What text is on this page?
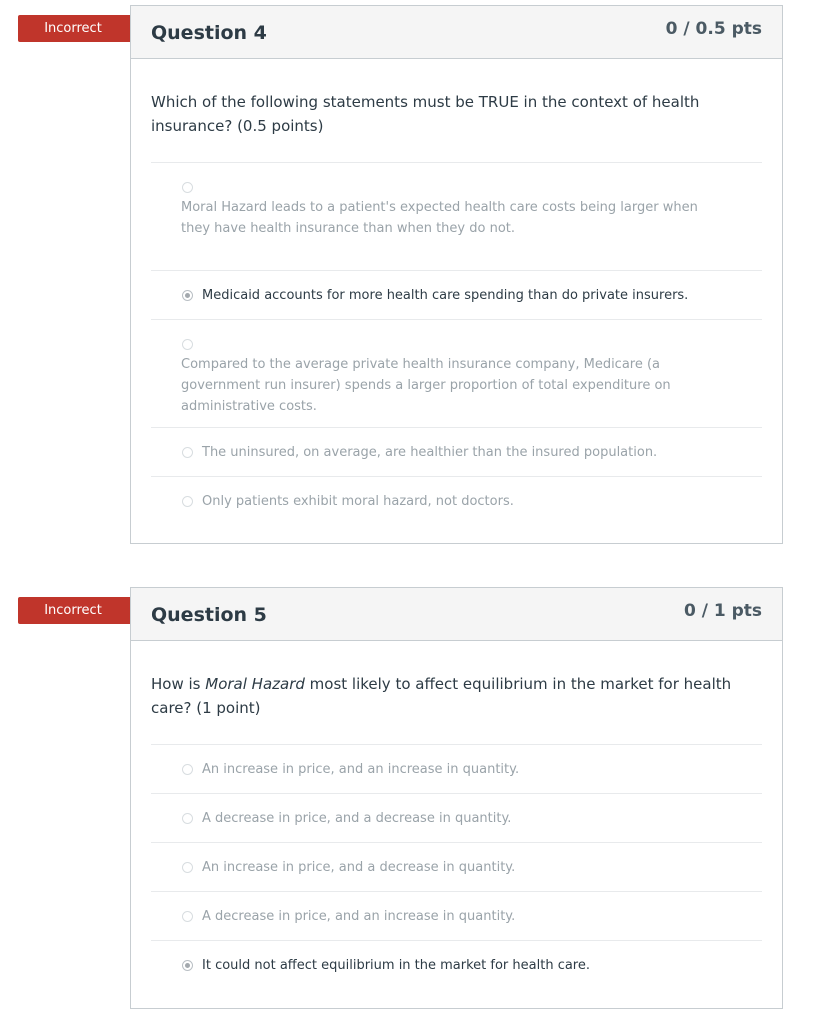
Incorrect	Question 4	0 / 0.5 pts
Which of the following statements must be TRUE in the context of health insurance? (0.5 points)
Moral Hazard leads to a patient's expected health care costs being larger when they have health insurance than when they do not.
Medicaid accounts for more health care spending than do private insurers.
Compared to the average private health insurance company, Medicare (a government run insurer) spends a larger proportion of total expenditure on administrative costs.
The uninsured, on average, are healthier than the insured population.
Only patients exhibit moral hazard, not doctors.
Incorrect	Question 5	0 / 1 pts
How is Moral Hazard most likely to affect equilibrium in the market for health care? (1 point)
An increase in price, and an increase in quantity.
A decrease in price, and a decrease in quantity.
An increase in price, and a decrease in quantity.
A decrease in price, and an increase in quantity.
It could not affect equilibrium in the market for health care.
